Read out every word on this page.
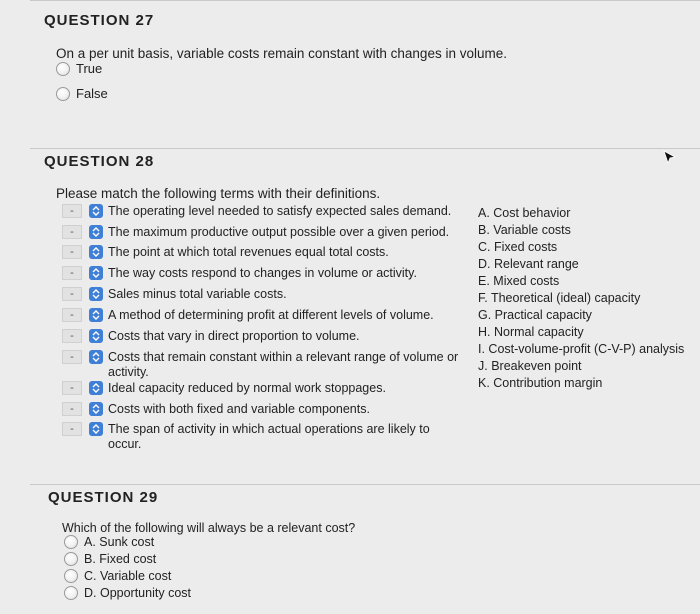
QUESTION 27
On a per unit basis, variable costs remain constant with changes in volume.
True
False
QUESTION 28
Please match the following terms with their definitions.
-	The operating level needed to satisfy expected sales demand.
-	The maximum productive output possible over a given period.
-	The point at which total revenues equal total costs.
-	The way costs respond to changes in volume or activity.
-	Sales minus total variable costs.
-	A method of determining profit at different levels of volume.
-	Costs that vary in direct proportion to volume.
-	Costs that remain constant within a relevant range of volume or activity.
-	Ideal capacity reduced by normal work stoppages.
-	Costs with both fixed and variable components.
-	The span of activity in which actual operations are likely to occur.
A. Cost behavior
B. Variable costs
C. Fixed costs
D. Relevant range
E. Mixed costs
F. Theoretical (ideal) capacity
G. Practical capacity
H. Normal capacity
I. Cost-volume-profit (C-V-P) analysis
J. Breakeven point
K. Contribution margin
QUESTION 29
Which of the following will always be a relevant cost?
A. Sunk cost
B. Fixed cost
C. Variable cost
D. Opportunity cost
